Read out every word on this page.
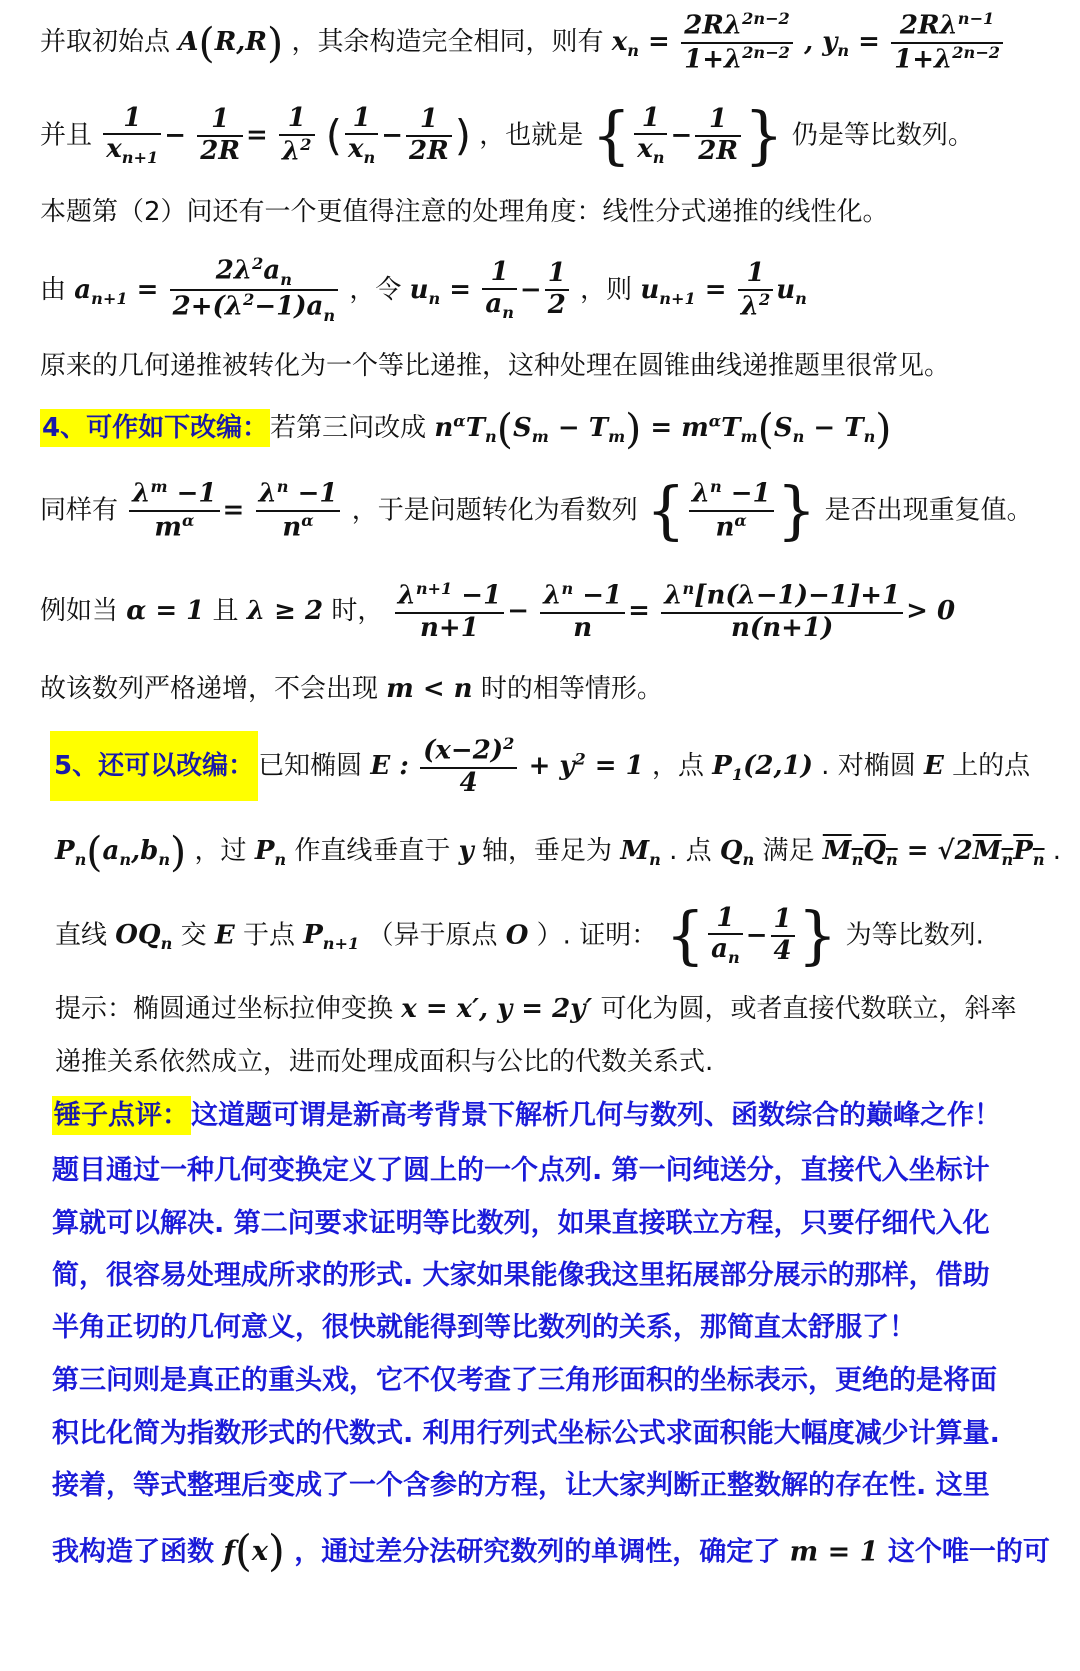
并取初始点 A(R,R) ，其余构造完全相同，则有 $x_n = \frac{2R\lambda^{2n-2}}{1+\lambda^{2n-2}}$ , $y_n = \frac{2R\lambda^{n-1}}{1+\lambda^{2n-2}}$
并且 $\frac{1}{x_{n+1}} - \frac{1}{2R} = \frac{1}{\lambda^2}$ ( $\frac{1}{x_n} - \frac{1}{2R}$ ) ，也就是 { $\frac{1}{x_n} - \frac{1}{2R}$ } 仍是等比数列。
本题第（2）问还有一个更值得注意的处理角度：线性分式递推的线性化。
由 $a_{n+1} = \frac{2\lambda^2a_n}{2+(\lambda^2-1)a_n}$ ，令 $u_n = \frac{1}{a_n} - \frac{1}{2}$ ，则 $u_{n+1} = \frac{1}{\lambda^2} u_n$
原来的几何递推被转化为一个等比递推，这种处理在圆锥曲线递推题里很常见。
4、可作如下改编：若第三问改成 $n^\alpha T_n(S_m - T_m) = m^\alpha T_m(S_n - T_n)$
同样有 $\frac{\lambda^m -1}{m^\alpha} = \frac{\lambda^n -1}{n^\alpha}$ ，于是问题转化为看数列 { $\frac{\lambda^n -1}{n^\alpha}$ } 是否出现重复值。
例如当 α = 1 且 λ ≥ 2 时， $\frac{\lambda^{n+1} -1}{n+1} - \frac{\lambda^n -1}{n} = \frac{\lambda^n[n(\lambda-1)-1]+1}{n(n+1)} > 0$
故该数列严格递增，不会出现 m < n 时的相等情形。
5、还可以改编： 已知椭圆 E : $\frac{(x-2)^2}{4} + y^2 = 1$ ，点 $P_1(2,1)$ . 对椭圆 E 上的点
$P_n(a_n,b_n)$ ，过 $P_n$ 作直线垂直于 y 轴，垂足为 $M_n$ . 点 $Q_n$ 满足 $M_nQ_n = √2M_nP_n$ .
直线 $OQ_n$ 交 E 于点 $P_{n+1}$ （异于原点 O ）. 证明： { $\frac{1}{a_n} - \frac{1}{4}$ } 为等比数列.
提示：椭圆通过坐标拉伸变换 x = x′, y = 2y′ 可化为圆，或者直接代数联立，斜率
递推关系依然成立，进而处理成面积与公比的代数关系式.
锤子点评：这道题可谓是新高考背景下解析几何与数列、函数综合的巅峰之作！
题目通过一种几何变换定义了圆上的一个点列. 第一问纯送分，直接代入坐标计
算就可以解决. 第二问要求证明等比数列，如果直接联立方程，只要仔细代入化
简，很容易处理成所求的形式. 大家如果能像我这里拓展部分展示的那样，借助
半角正切的几何意义，很快就能得到等比数列的关系，那简直太舒服了！
第三问则是真正的重头戏，它不仅考查了三角形面积的坐标表示，更绝的是将面
积比化简为指数形式的代数式. 利用行列式坐标公式求面积能大幅度减少计算量.
接着，等式整理后变成了一个含参的方程，让大家判断正整数解的存在性. 这里
我构造了函数 f(x) ，通过差分法研究数列的单调性，确定了 m = 1 这个唯一的可
